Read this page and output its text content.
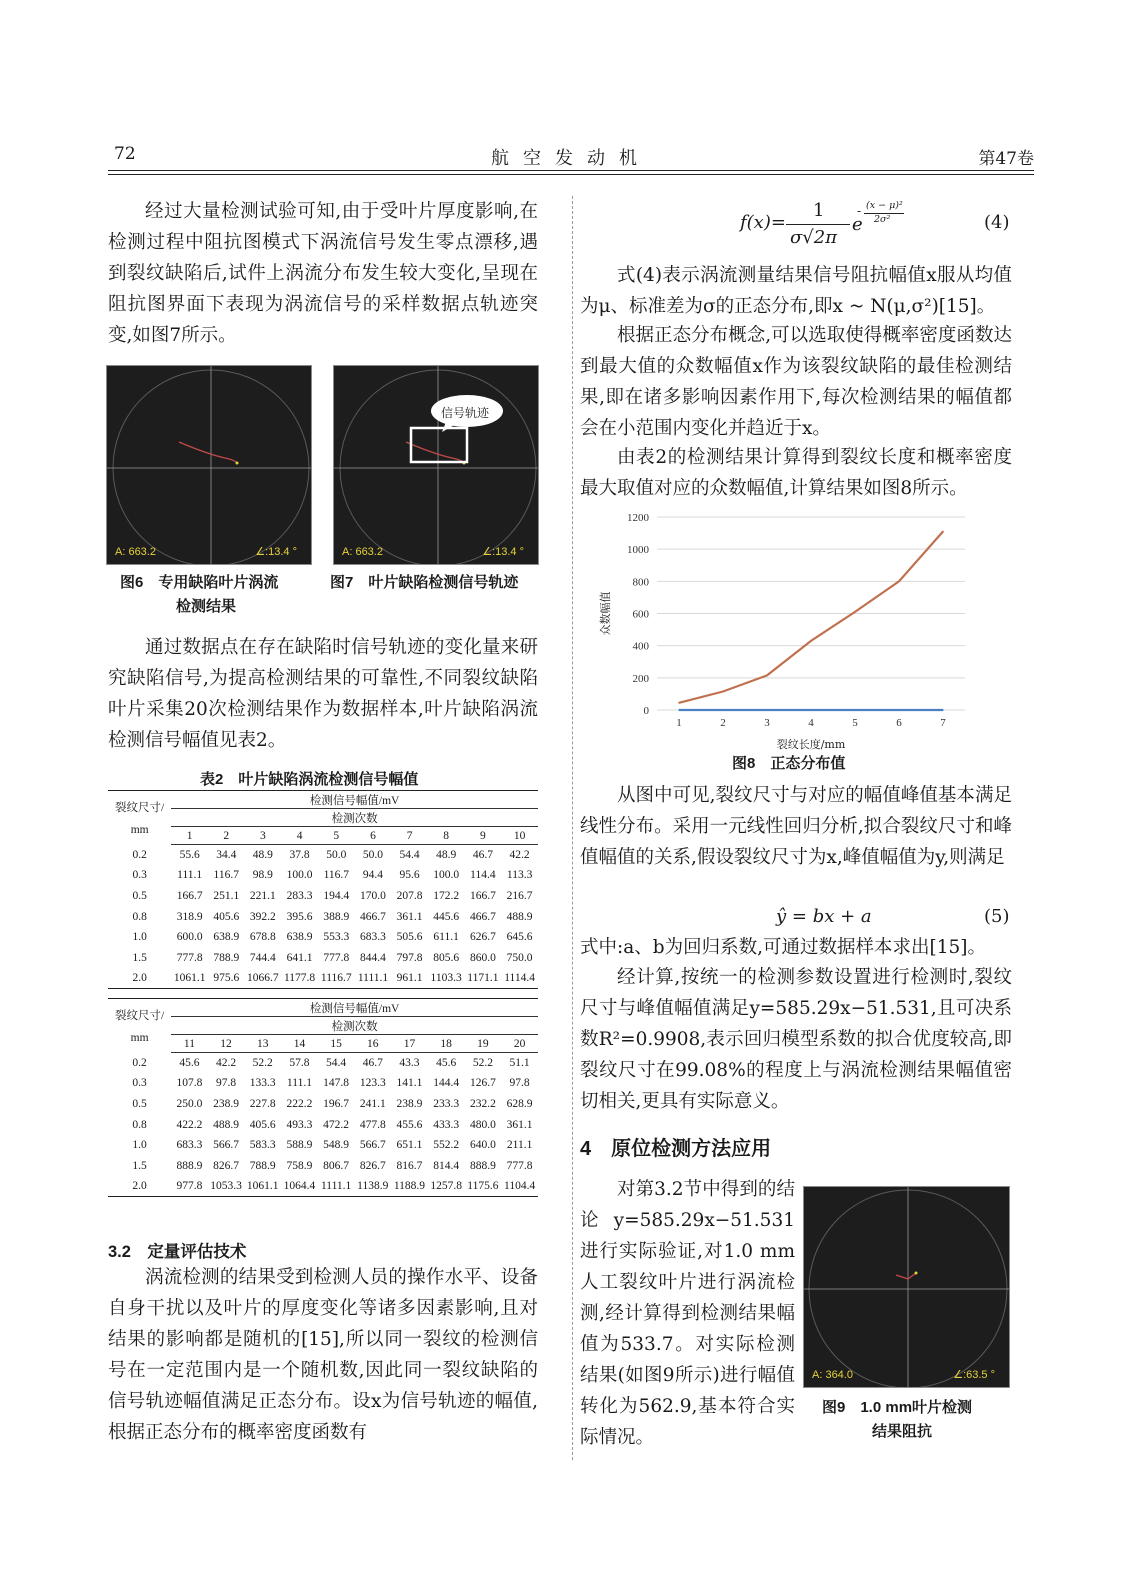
72	航空发动机	第47卷
经过大量检测试验可知,由于受叶片厚度影响,在检测过程中阻抗图模式下涡流信号发生零点漂移,遇到裂纹缺陷后,试件上涡流分布发生较大变化,呈现在阻抗图界面下表现为涡流信号的采样数据点轨迹突变,如图7所示。
A: 663.2	∠:13.4 °
图6　专用缺陷叶片涡流
检测结果
信号轨迹
A: 663.2	∠:13.4 °
图7　叶片缺陷检测信号轨迹
通过数据点在存在缺陷时信号轨迹的变化量来研究缺陷信号,为提高检测结果的可靠性,不同裂纹缺陷叶片采集20次检测结果作为数据样本,叶片缺陷涡流检测信号幅值见表2。
表2　叶片缺陷涡流检测信号幅值
裂纹尺寸/
mm	检测信号幅值/mV									
	检测次数									
	1	2	3	4	5	6	7	8	9	10
0.2	55.6	34.4	48.9	37.8	50.0	50.0	54.4	48.9	46.7	42.2
0.3	111.1	116.7	98.9	100.0	116.7	94.4	95.6	100.0	114.4	113.3
0.5	166.7	251.1	221.1	283.3	194.4	170.0	207.8	172.2	166.7	216.7
0.8	318.9	405.6	392.2	395.6	388.9	466.7	361.1	445.6	466.7	488.9
1.0	600.0	638.9	678.8	638.9	553.3	683.3	505.6	611.1	626.7	645.6
1.5	777.8	788.9	744.4	641.1	777.8	844.4	797.8	805.6	860.0	750.0
2.0	1061.1	975.6	1066.7	1177.8	1116.7	1111.1	961.1	1103.3	1171.1	1114.4
裂纹尺寸/
mm	检测信号幅值/mV									
	检测次数									
	11	12	13	14	15	16	17	18	19	20
0.2	45.6	42.2	52.2	57.8	54.4	46.7	43.3	45.6	52.2	51.1
0.3	107.8	97.8	133.3	111.1	147.8	123.3	141.1	144.4	126.7	97.8
0.5	250.0	238.9	227.8	222.2	196.7	241.1	238.9	233.3	232.2	628.9
0.8	422.2	488.9	405.6	493.3	472.2	477.8	455.6	433.3	480.0	361.1
1.0	683.3	566.7	583.3	588.9	548.9	566.7	651.1	552.2	640.0	211.1
1.5	888.9	826.7	788.9	758.9	806.7	826.7	816.7	814.4	888.9	777.8
2.0	977.8	1053.3	1061.1	1064.4	1111.1	1138.9	1188.9	1257.8	1175.6	1104.4
3.2　定量评估技术
涡流检测的结果受到检测人员的操作水平、设备自身干扰以及叶片的厚度变化等诸多因素影响,且对结果的影响都是随机的[15],所以同一裂纹的检测信号在一定范围内是一个随机数,因此同一裂纹缺陷的信号轨迹幅值满足正态分布。设x为信号轨迹的幅值,根据正态分布的概率密度函数有
f(x)=
1
σ√2π
e
(x − μ)²
2σ²
-
(4)
式(4)表示涡流测量结果信号阻抗幅值x服从均值为μ、标准差为σ的正态分布,即x ~ N(μ,σ²)[15]。
根据正态分布概念,可以选取使得概率密度函数达到最大值的众数幅值x作为该裂纹缺陷的最佳检测结果,即在诸多影响因素作用下,每次检测结果的幅值都会在小范围内变化并趋近于x。
由表2的检测结果计算得到裂纹长度和概率密度最大取值对应的众数幅值,计算结果如图8所示。
0
200
400
600
800
1000
1200
1	2	3	4	5	6	7
裂纹长度/mm
众数幅值
图8　正态分布值
从图中可见,裂纹尺寸与对应的幅值峰值基本满足线性分布。采用一元线性回归分析,拟合裂纹尺寸和峰值幅值的关系,假设裂纹尺寸为x,峰值幅值为y,则满足
ŷ = bx + a	(5)
式中:a、b为回归系数,可通过数据样本求出[15]。
经计算,按统一的检测参数设置进行检测时,裂纹尺寸与峰值幅值满足y=585.29x−51.531,且可决系数R²=0.9908,表示回归模型系数的拟合优度较高,即裂纹尺寸在99.08%的程度上与涡流检测结果幅值密切相关,更具有实际意义。
4　原位检测方法应用
对第3.2节中得到的结论y=585.29x−51.531进行实际验证,对1.0 mm人工裂纹叶片进行涡流检测,经计算得到检测结果幅值为533.7。对实际检测结果(如图9所示)进行幅值转化为562.9,基本符合实际情况。
A: 364.0	∠:63.5 °
图9　1.0 mm叶片检测
结果阻抗
